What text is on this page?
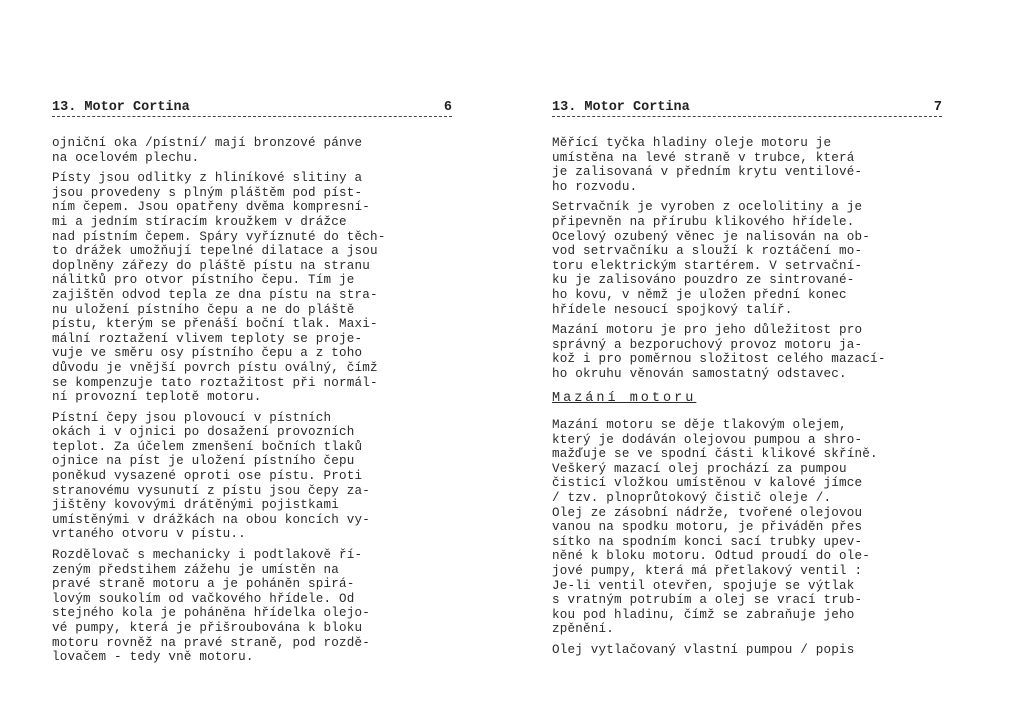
13. Motor Cortina	6

ojniční oka /pístní/ mají bronzové pánve
na ocelovém plechu.

Písty jsou odlitky z hliníkové slitiny a
jsou provedeny s plným pláštěm pod píst-
ním čepem. Jsou opatřeny dvěma kompresní-
mi a jedním stíracím kroužkem v drážce
nad pístním čepem. Spáry vyříznuté do těch-
to drážek umožňují tepelné dilatace a jsou
doplněny zářezy do pláště pístu na stranu
nálitků pro otvor pístního čepu. Tím je
zajištěn odvod tepla ze dna pístu na stra-
nu uložení pístního čepu a ne do pláště
pístu, kterým se přenáší boční tlak. Maxi-
mální roztažení vlivem teploty se proje-
vuje ve směru osy pístního čepu a z toho
důvodu je vnější povrch pístu oválný, čímž
se kompenzuje tato roztažitost při normál-
ní provozní teplotě motoru.

Pístní čepy jsou plovoucí v pístních
okách i v ojnici po dosažení provozních
teplot. Za účelem zmenšení bočních tlaků
ojnice na píst je uložení pístního čepu
poněkud vysazené oproti ose pístu. Proti
stranovému vysunutí z pístu jsou čepy za-
jištěny kovovými drátěnými pojistkami
umístěnými v drážkách na obou koncích vy-
vrtaného otvoru v pístu..

Rozdělovač s mechanicky i podtlakově ří-
zeným předstihem zážehu je umístěn na
pravé straně motoru a je poháněn spirá-
lovým soukolím od vačkového hřídele. Od
stejného kola je poháněna hřídelka olejo-
vé pumpy, která je přišroubována k bloku
motoru rovněž na pravé straně, pod rozdě-
lovačem - tedy vně motoru.

13. Motor Cortina	7

Měřící tyčka hladiny oleje motoru je
umístěna na levé straně v trubce, která
je zalisovaná v předním krytu ventilové-
ho rozvodu.

Setrvačník je vyroben z ocelolitiny a je
připevněn na přírubu klikového hřídele.
Ocelový ozubený věnec je nalisován na ob-
vod setrvačníku a slouží k roztáčení mo-
toru elektrickým startérem. V setrvační-
ku je zalisováno pouzdro ze sintrované-
ho kovu, v němž je uložen přední konec
hřídele nesoucí spojkový talíř.

Mazání motoru je pro jeho důležitost pro
správný a bezporuchový provoz motoru ja-
kož i pro poměrnou složitost celého mazací-
ho okruhu věnován samostatný odstavec.

Mazání motoru

Mazání motoru se děje tlakovým olejem,
který je dodáván olejovou pumpou a shro-
mažďuje se ve spodní části klikové skříně.
Veškerý mazací olej prochází za pumpou
čisticí vložkou umístěnou v kalové jímce
/ tzv. plnoprůtokový čistič oleje /.
Olej ze zásobní nádrže, tvořené olejovou
vanou na spodku motoru, je přiváděn přes
sítko na spodním konci sací trubky upev-
něné k bloku motoru. Odtud proudí do ole-
jové pumpy, která má přetlakový ventil :
Je-li ventil otevřen, spojuje se výtlak
s vratným potrubím a olej se vrací trub-
kou pod hladinu, čímž se zabraňuje jeho
zpěnění.

Olej vytlačovaný vlastní pumpou / popis
